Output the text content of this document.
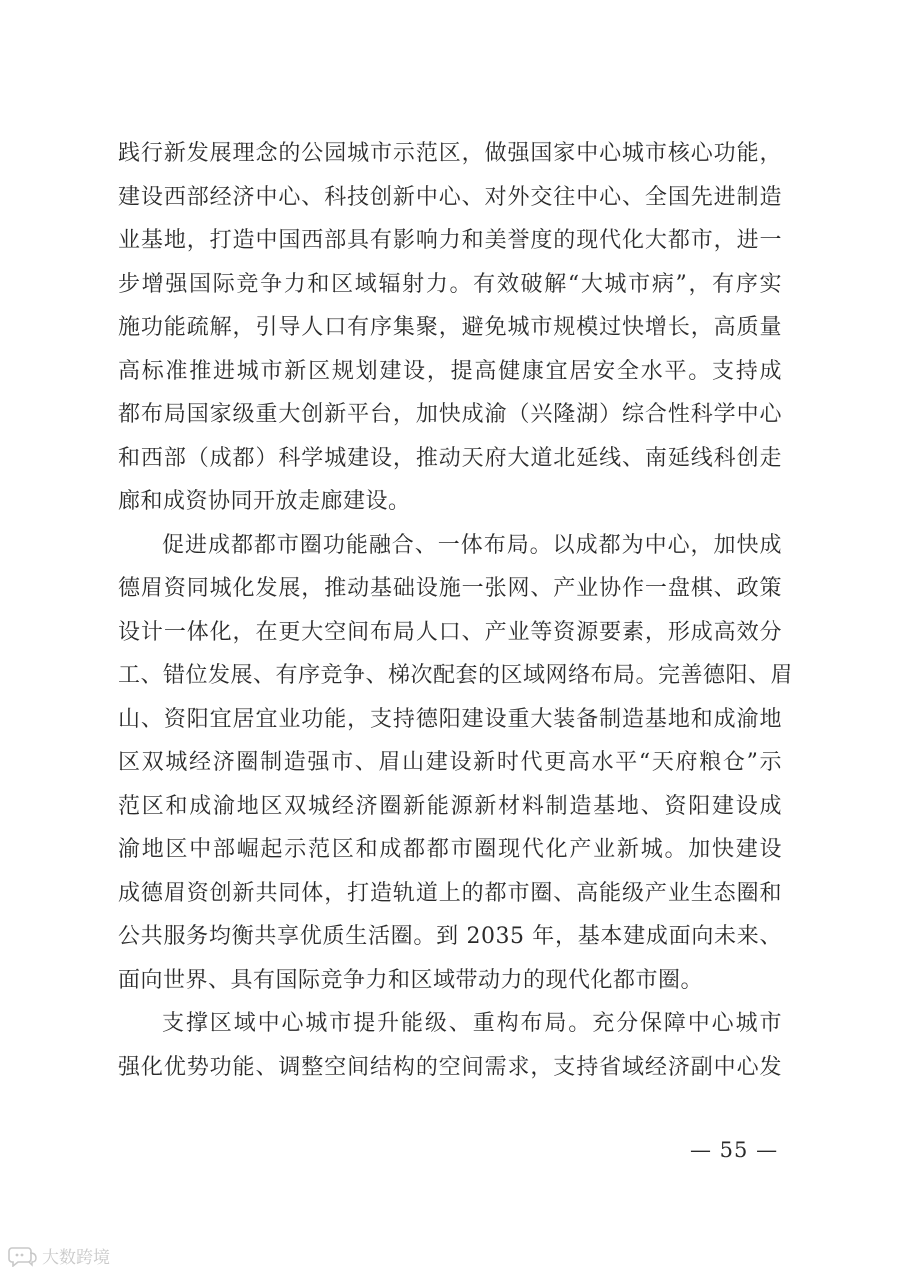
践行新发展理念的公园城市示范区，做强国家中心城市核心功能，
建设西部经济中心、科技创新中心、对外交往中心、全国先进制造
业基地，打造中国西部具有影响力和美誉度的现代化大都市，进一
步增强国际竞争力和区域辐射力。有效破解“大城市病”，有序实
施功能疏解，引导人口有序集聚，避免城市规模过快增长，高质量
高标准推进城市新区规划建设，提高健康宜居安全水平。支持成
都布局国家级重大创新平台，加快成渝（兴隆湖）综合性科学中心
和西部（成都）科学城建设，推动天府大道北延线、南延线科创走
廊和成资协同开放走廊建设。

促进成都都市圈功能融合、一体布局。以成都为中心，加快成
德眉资同城化发展，推动基础设施一张网、产业协作一盘棋、政策
设计一体化，在更大空间布局人口、产业等资源要素，形成高效分
工、错位发展、有序竞争、梯次配套的区域网络布局。完善德阳、眉
山、资阳宜居宜业功能，支持德阳建设重大装备制造基地和成渝地
区双城经济圈制造强市、眉山建设新时代更高水平“天府粮仓”示
范区和成渝地区双城经济圈新能源新材料制造基地、资阳建设成
渝地区中部崛起示范区和成都都市圈现代化产业新城。加快建设
成德眉资创新共同体，打造轨道上的都市圈、高能级产业生态圈和
公共服务均衡共享优质生活圈。到 2035 年，基本建成面向未来、
面向世界、具有国际竞争力和区域带动力的现代化都市圈。

支撑区域中心城市提升能级、重构布局。充分保障中心城市
强化优势功能、调整空间结构的空间需求，支持省域经济副中心发

— 55 —
大数跨境
